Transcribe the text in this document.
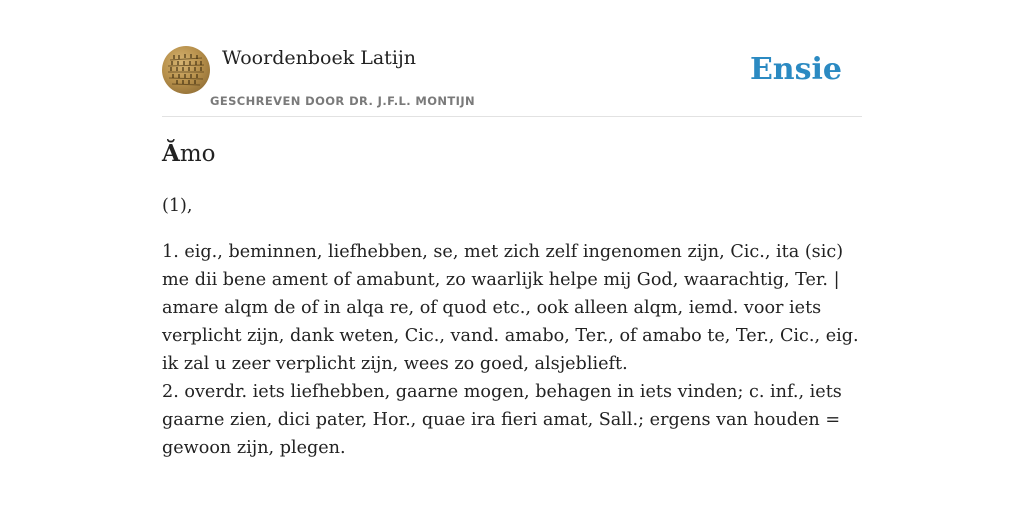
Woordenboek Latijn
GESCHREVEN DOOR DR. J.F.L. MONTIJN
Ensie
Ămo

(1),

1. eig., beminnen, liefhebben, se, met zich zelf ingenomen zijn, Cic., ita (sic) me dii bene ament of amabunt, zo waarlijk helpe mij God, waarachtig, Ter. | amare alqm de of in alqa re, of quod etc., ook alleen alqm, iemd. voor iets verplicht zijn, dank weten, Cic., vand. amabo, Ter., of amabo te, Ter., Cic., eig. ik zal u zeer verplicht zijn, wees zo goed, alsjeblieft.

2. overdr. iets liefhebben, gaarne mogen, behagen in iets vinden; c. inf., iets gaarne zien, dici pater, Hor., quae ira fieri amat, Sall.; ergens van houden = gewoon zijn, plegen.
